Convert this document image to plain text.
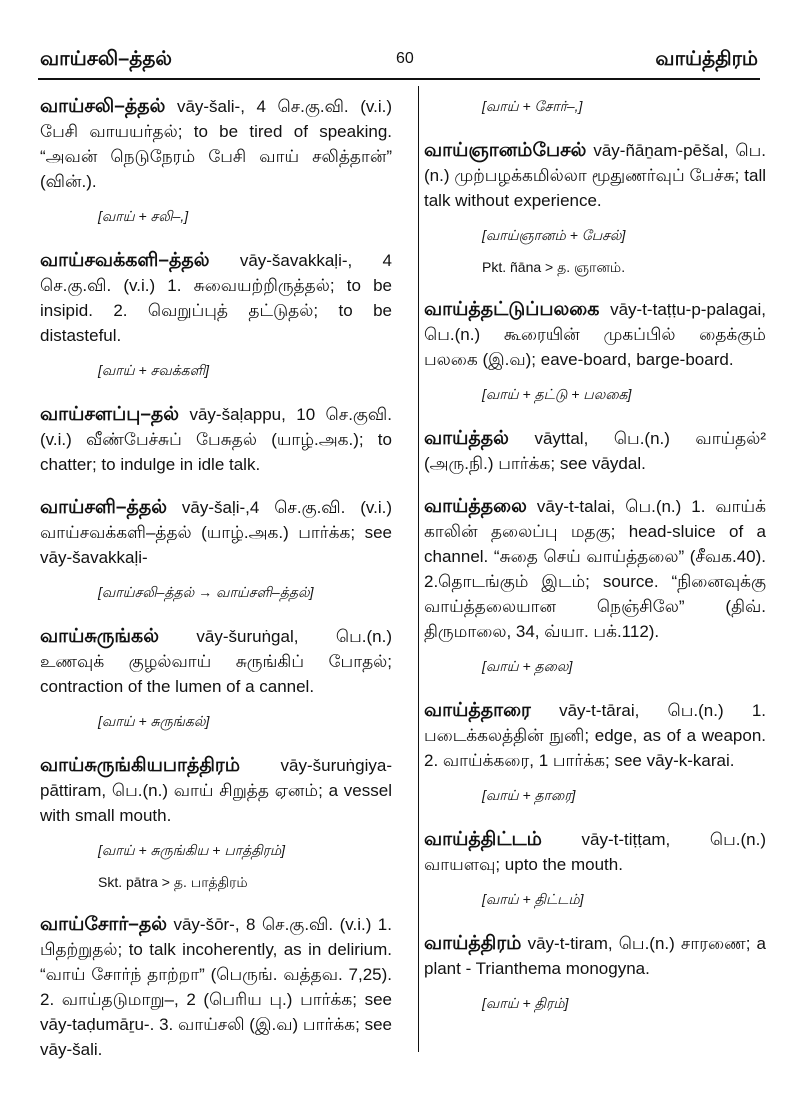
வாய்சலி–த்தல்	60	வாய்த்திரம்
வாய்சலி–த்தல் vāy-šali-, 4 செ.கு.வி. (v.i.) பேசி வாயயர்தல்; to be tired of speaking. “அவன் நெடுநேரம் பேசி வாய் சலித்தான்” (வின்.).
[வாய் + சலி–,]
வாய்சவக்களி–த்தல் vāy-šavakkaḷi-, 4 செ.கு.வி. (v.i.) 1. சுவையற்றிருத்தல்; to be insipid. 2. வெறுப்புத் தட்டுதல்; to be distasteful.
[வாய் + சவக்களி]
வாய்சளப்பு–தல் vāy-šaḷappu, 10 செ.குவி. (v.i.) வீண்பேச்சுப் பேசுதல் (யாழ்.அக.); to chatter; to indulge in idle talk.
வாய்சளி–த்தல் vāy-šaḷi-,4 செ.கு.வி. (v.i.) வாய்சவக்களி–த்தல் (யாழ்.அக.) பார்க்க; see vāy-šavakkaḷi-
[வாய்சலி–த்தல் → வாய்சளி–த்தல்]
வாய்சுருங்கல் vāy-šuruṅgal, பெ.(n.) உணவுக் குழல்வாய் சுருங்கிப் போதல்; contraction of the lumen of a cannel.
[வாய் + சுருங்கல்]
வாய்சுருங்கியபாத்திரம் vāy-šuruṅgiya-pāttiram, பெ.(n.) வாய் சிறுத்த ஏனம்; a vessel with small mouth.
[வாய் + சுருங்கிய + பாத்திரம்]
Skt. pātra > த. பாத்திரம்
வாய்சோர்–தல் vāy-šōr-, 8 செ.கு.வி. (v.i.) 1. பிதற்றுதல்; to talk incoherently, as in delirium. “வாய் சோர்ந் தாற்றா” (பெருங். வத்தவ. 7,25). 2. வாய்தடுமாறு–, 2 (பெரிய பு.) பார்க்க; see vāy-taḍumāṟu-. 3. வாய்சலி (இ.வ) பார்க்க; see vāy-šali.
[வாய் + சோர்–,]
வாய்ஞானம்பேசல் vāy-ñāṉam-pēšal, பெ.(n.) முற்பழக்கமில்லா மூதுணர்வுப் பேச்சு; tall talk without experience.
[வாய்ஞானம் + பேசல்]
Pkt. ñāna > த. ஞானம்.
வாய்த்தட்டுப்பலகை vāy-t-taṭṭu-p-palagai, பெ.(n.) கூரையின் முகப்பில் தைக்கும் பலகை (இ.வ); eave-board, barge-board.
[வாய் + தட்டு + பலகை]
வாய்த்தல் vāyttal, பெ.(n.) வாய்தல்² (அரு.நி.) பார்க்க; see vāydal.
வாய்த்தலை vāy-t-talai, பெ.(n.) 1. வாய்க் காலின் தலைப்பு மதகு; head-sluice of a channel. “சுதை செய் வாய்த்தலை” (சீவக.40). 2.தொடங்கும் இடம்; source. “நினைவுக்கு வாய்த்தலையான நெஞ்சிலே” (திவ். திருமாலை, 34, வ்யா. பக்.112).
[வாய் + தலை]
வாய்த்தாரை vāy-t-tārai, பெ.(n.) 1. படைக்கலத்தின் நுனி; edge, as of a weapon. 2. வாய்க்கரை, 1 பார்க்க; see vāy-k-karai.
[வாய் + தாரை]
வாய்த்திட்டம் vāy-t-tiṭṭam, பெ.(n.) வாயளவு; upto the mouth.
[வாய் + திட்டம்]
வாய்த்திரம் vāy-t-tiram, பெ.(n.) சாரணை; a plant - Trianthema monogyna.
[வாய் + திரம்]
